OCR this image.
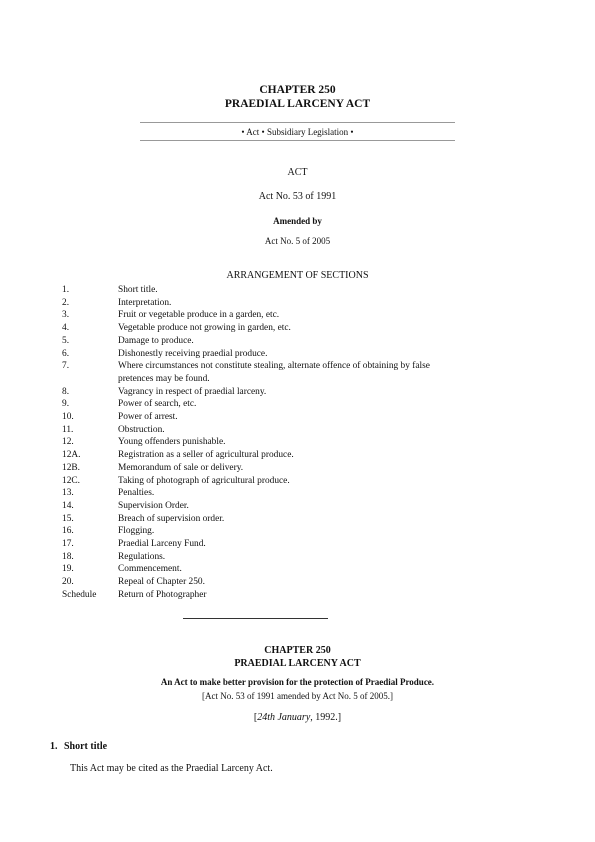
CHAPTER 250
PRAEDIAL LARCENY ACT
• Act • Subsidiary Legislation •
ACT
Act No. 53 of 1991
Amended by
Act No. 5 of 2005
ARRANGEMENT OF SECTIONS
1.	Short title.
2.	Interpretation.
3.	Fruit or vegetable produce in a garden, etc.
4.	Vegetable produce not growing in garden, etc.
5.	Damage to produce.
6.	Dishonestly receiving praedial produce.
7.	Where circumstances not constitute stealing, alternate offence of obtaining by false pretences may be found.
8.	Vagrancy in respect of praedial larceny.
9.	Power of search, etc.
10.	Power of arrest.
11.	Obstruction.
12.	Young offenders punishable.
12A.	Registration as a seller of agricultural produce.
12B.	Memorandum of sale or delivery.
12C.	Taking of photograph of agricultural produce.
13.	Penalties.
14.	Supervision Order.
15.	Breach of supervision order.
16.	Flogging.
17.	Praedial Larceny Fund.
18.	Regulations.
19.	Commencement.
20.	Repeal of Chapter 250.
Schedule	Return of Photographer
CHAPTER 250
PRAEDIAL LARCENY ACT
An Act to make better provision for the protection of Praedial Produce.
[Act No. 53 of 1991 amended by Act No. 5 of 2005.]
[24th January, 1992.]
1. Short title
This Act may be cited as the Praedial Larceny Act.
